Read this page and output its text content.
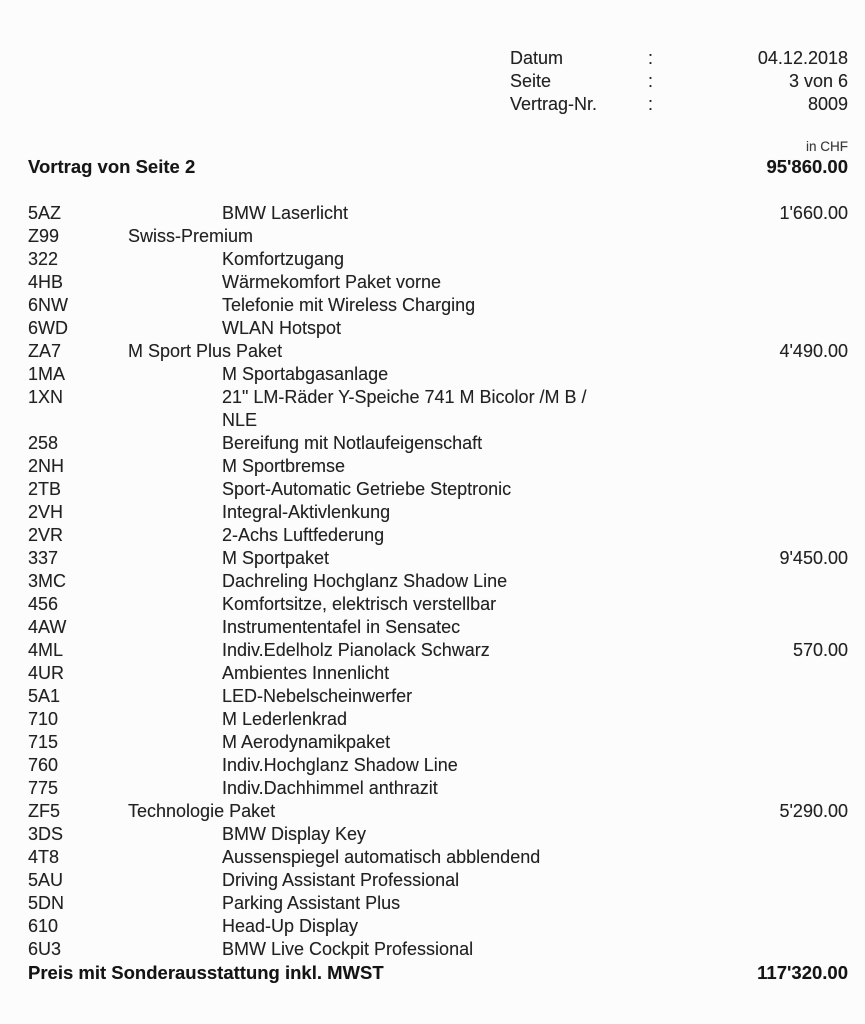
Datum	:	04.12.2018
Seite	:	3 von 6
Vertrag-Nr.	:	8009
in CHF
Vortrag von Seite 2	95'860.00
5AZ	BMW Laserlicht	1'660.00
Z99	Swiss-Premium
322	Komfortzugang
4HB	Wärmekomfort Paket vorne
6NW	Telefonie mit Wireless Charging
6WD	WLAN Hotspot
ZA7	M Sport Plus Paket	4'490.00
1MA	M Sportabgasanlage
1XN	21" LM-Räder Y-Speiche 741 M Bicolor /M B /
NLE
258	Bereifung mit Notlaufeigenschaft
2NH	M Sportbremse
2TB	Sport-Automatic Getriebe Steptronic
2VH	Integral-Aktivlenkung
2VR	2-Achs Luftfederung
337	M Sportpaket	9'450.00
3MC	Dachreling Hochglanz Shadow Line
456	Komfortsitze, elektrisch verstellbar
4AW	Instrumententafel in Sensatec
4ML	Indiv.Edelholz Pianolack Schwarz	570.00
4UR	Ambientes Innenlicht
5A1	LED-Nebelscheinwerfer
710	M Lederlenkrad
715	M Aerodynamikpaket
760	Indiv.Hochglanz Shadow Line
775	Indiv.Dachhimmel anthrazit
ZF5	Technologie Paket	5'290.00
3DS	BMW Display Key
4T8	Aussenspiegel automatisch abblendend
5AU	Driving Assistant Professional
5DN	Parking Assistant Plus
610	Head-Up Display
6U3	BMW Live Cockpit Professional
Preis mit Sonderausstattung inkl. MWST	117'320.00
